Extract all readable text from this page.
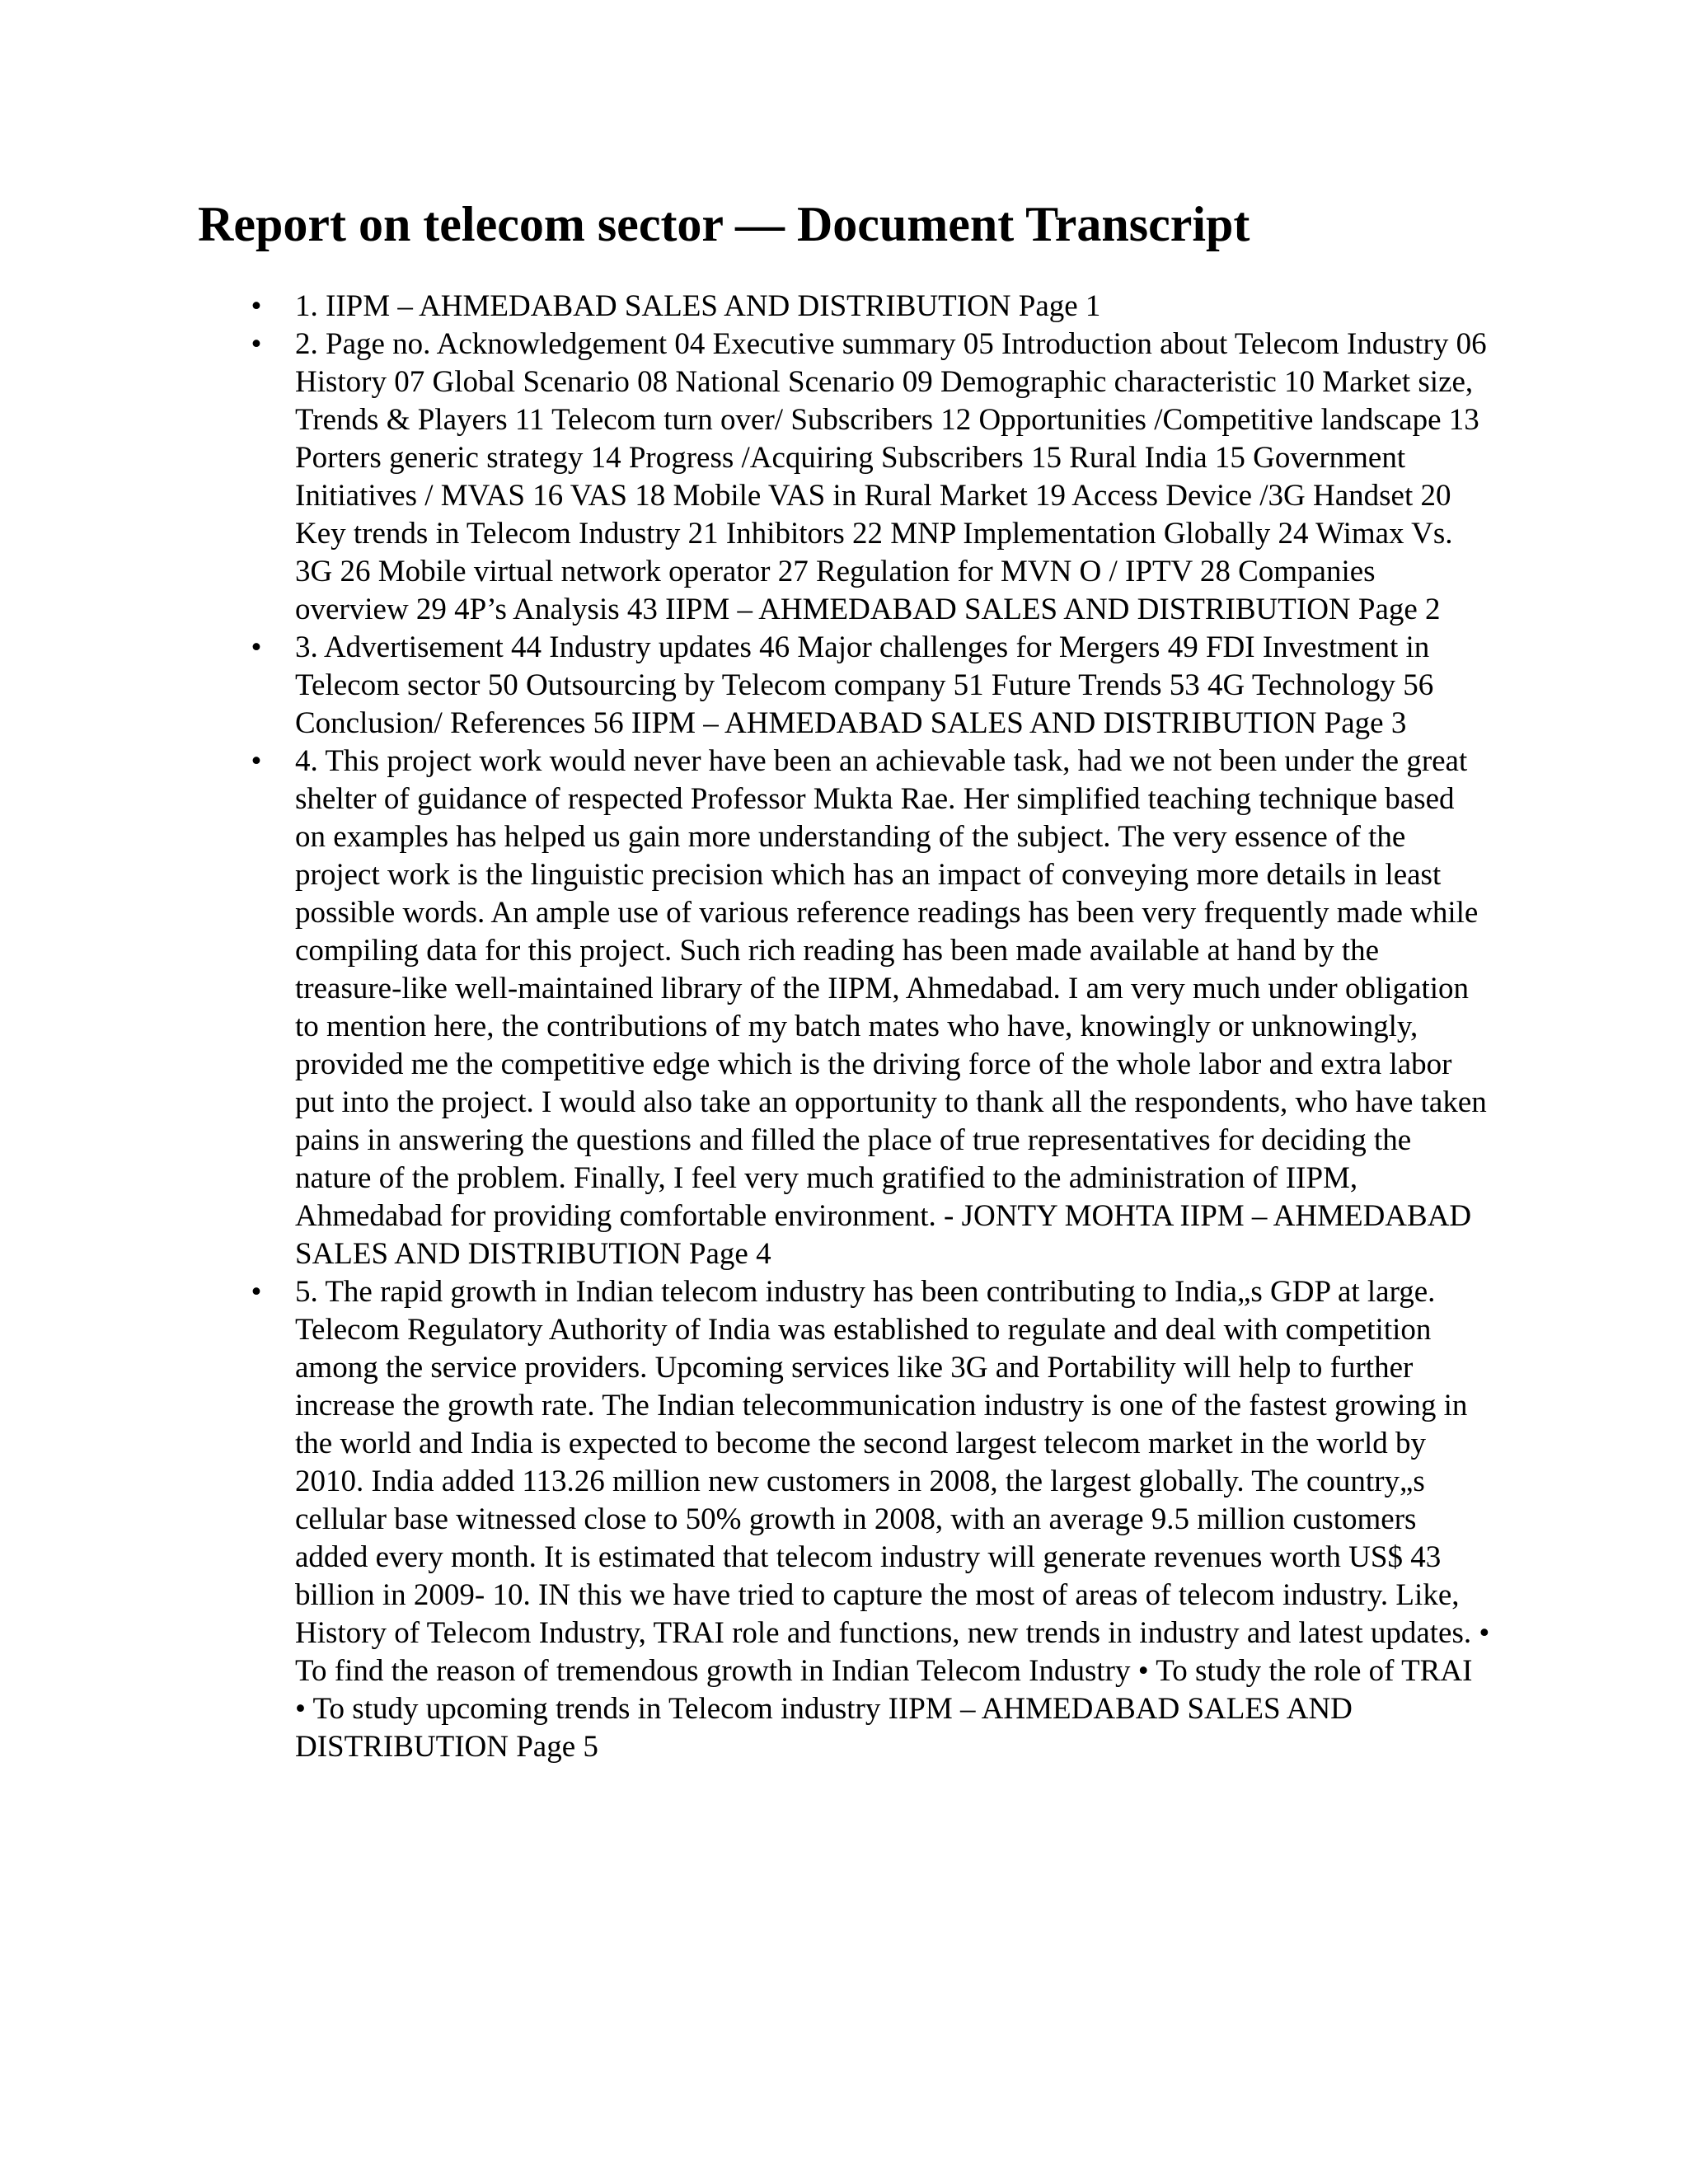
Report on telecom sector — Document Transcript
• 1. IIPM – AHMEDABAD SALES AND DISTRIBUTION Page 1
• 2. Page no. Acknowledgement 04 Executive summary 05 Introduction about Telecom Industry 06 History 07 Global Scenario 08 National Scenario 09 Demographic characteristic 10 Market size, Trends & Players 11 Telecom turn over/ Subscribers 12 Opportunities /Competitive landscape 13 Porters generic strategy 14 Progress /Acquiring Subscribers 15 Rural India 15 Government Initiatives / MVAS 16 VAS 18 Mobile VAS in Rural Market 19 Access Device /3G Handset 20 Key trends in Telecom Industry 21 Inhibitors 22 MNP Implementation Globally 24 Wimax Vs. 3G 26 Mobile virtual network operator 27 Regulation for MVN O / IPTV 28 Companies overview 29 4P’s Analysis 43 IIPM – AHMEDABAD SALES AND DISTRIBUTION Page 2
• 3. Advertisement 44 Industry updates 46 Major challenges for Mergers 49 FDI Investment in Telecom sector 50 Outsourcing by Telecom company 51 Future Trends 53 4G Technology 56 Conclusion/ References 56 IIPM – AHMEDABAD SALES AND DISTRIBUTION Page 3
• 4. This project work would never have been an achievable task, had we not been under the great shelter of guidance of respected Professor Mukta Rae. Her simplified teaching technique based on examples has helped us gain more understanding of the subject. The very essence of the project work is the linguistic precision which has an impact of conveying more details in least possible words. An ample use of various reference readings has been very frequently made while compiling data for this project. Such rich reading has been made available at hand by the treasure-like well-maintained library of the IIPM, Ahmedabad. I am very much under obligation to mention here, the contributions of my batch mates who have, knowingly or unknowingly, provided me the competitive edge which is the driving force of the whole labor and extra labor put into the project. I would also take an opportunity to thank all the respondents, who have taken pains in answering the questions and filled the place of true representatives for deciding the nature of the problem. Finally, I feel very much gratified to the administration of IIPM, Ahmedabad for providing comfortable environment. - JONTY MOHTA IIPM – AHMEDABAD SALES AND DISTRIBUTION Page 4
• 5. The rapid growth in Indian telecom industry has been contributing to India„s GDP at large. Telecom Regulatory Authority of India was established to regulate and deal with competition among the service providers. Upcoming services like 3G and Portability will help to further increase the growth rate. The Indian telecommunication industry is one of the fastest growing in the world and India is expected to become the second largest telecom market in the world by 2010. India added 113.26 million new customers in 2008, the largest globally. The country„s cellular base witnessed close to 50% growth in 2008, with an average 9.5 million customers added every month. It is estimated that telecom industry will generate revenues worth US$ 43 billion in 2009- 10. IN this we have tried to capture the most of areas of telecom industry. Like, History of Telecom Industry, TRAI role and functions, new trends in industry and latest updates. • To find the reason of tremendous growth in Indian Telecom Industry • To study the role of TRAI • To study upcoming trends in Telecom industry IIPM – AHMEDABAD SALES AND DISTRIBUTION Page 5
